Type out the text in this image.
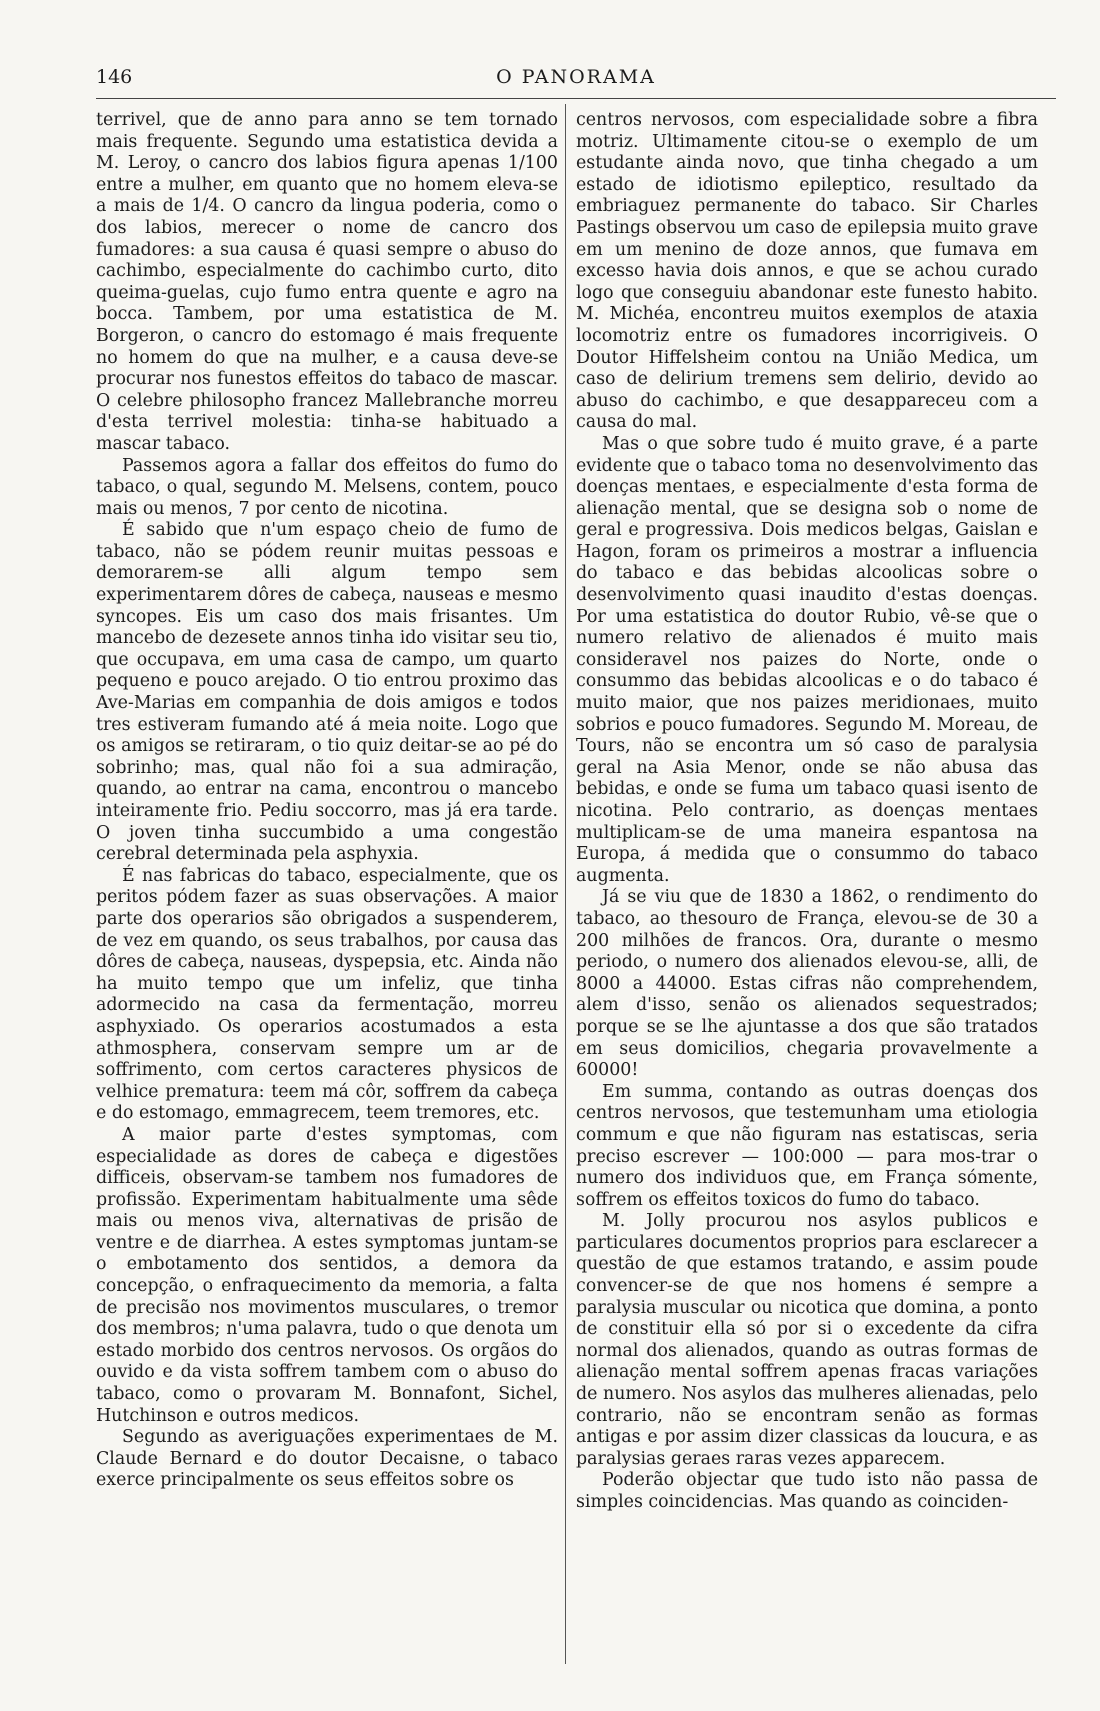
146	O PANORAMA

terrivel, que de anno para anno se tem tornado mais frequente. Segundo uma estatistica devida a M. Leroy, o cancro dos labios figura apenas 1/100 entre a mulher, em quanto que no homem eleva-se a mais de 1/4. O cancro da lingua poderia, como o dos labios, merecer o nome de cancro dos fumadores: a sua causa é quasi sempre o abuso do cachimbo, especialmente do cachimbo curto, dito queima-guelas, cujo fumo entra quente e agro na bocca. Tambem, por uma estatistica de M. Borgeron, o cancro do estomago é mais frequente no homem do que na mulher, e a causa deve-se procurar nos funestos effeitos do tabaco de mascar. O celebre philosopho francez Mallebranche morreu d'esta terrivel molestia: tinha-se habituado a mascar tabaco.

Passemos agora a fallar dos effeitos do fumo do tabaco, o qual, segundo M. Melsens, contem, pouco mais ou menos, 7 por cento de nicotina.

É sabido que n'um espaço cheio de fumo de tabaco, não se pódem reunir muitas pessoas e demorarem-se alli algum tempo sem experimentarem dôres de cabeça, nauseas e mesmo syncopes. Eis um caso dos mais frisantes. Um mancebo de dezesete annos tinha ido visitar seu tio, que occupava, em uma casa de campo, um quarto pequeno e pouco arejado. O tio entrou proximo das Ave-Marias em companhia de dois amigos e todos tres estiveram fumando até á meia noite. Logo que os amigos se retiraram, o tio quiz deitar-se ao pé do sobrinho; mas, qual não foi a sua admiração, quando, ao entrar na cama, encontrou o mancebo inteiramente frio. Pediu soccorro, mas já era tarde. O joven tinha succumbido a uma congestão cerebral determinada pela asphyxia.

É nas fabricas do tabaco, especialmente, que os peritos pódem fazer as suas observações. A maior parte dos operarios são obrigados a suspenderem, de vez em quando, os seus trabalhos, por causa das dôres de cabeça, nauseas, dyspepsia, etc. Ainda não ha muito tempo que um infeliz, que tinha adormecido na casa da fermentação, morreu asphyxiado. Os operarios acostumados a esta athmosphera, conservam sempre um ar de soffrimento, com certos caracteres physicos de velhice prematura: teem má côr, soffrem da cabeça e do estomago, emmagrecem, teem tremores, etc.

A maior parte d'estes symptomas, com especialidade as dores de cabeça e digestões difficeis, observam-se tambem nos fumadores de profissão. Experimentam habitualmente uma sêde mais ou menos viva, alternativas de prisão de ventre e de diarrhea. A estes symptomas juntam-se o embotamento dos sentidos, a demora da concepção, o enfraquecimento da memoria, a falta de precisão nos movimentos musculares, o tremor dos membros; n'uma palavra, tudo o que denota um estado morbido dos centros nervosos. Os orgãos do ouvido e da vista soffrem tambem com o abuso do tabaco, como o provaram M. Bonnafont, Sichel, Hutchinson e outros medicos.

Segundo as averiguações experimentaes de M. Claude Bernard e do doutor Decaisne, o tabaco exerce principalmente os seus effeitos sobre os

centros nervosos, com especialidade sobre a fibra motriz. Ultimamente citou-se o exemplo de um estudante ainda novo, que tinha chegado a um estado de idiotismo epileptico, resultado da embriaguez permanente do tabaco. Sir Charles Pastings observou um caso de epilepsia muito grave em um menino de doze annos, que fumava em excesso havia dois annos, e que se achou curado logo que conseguiu abandonar este funesto habito. M. Michéa, encontreu muitos exemplos de ataxia locomotriz entre os fumadores incorrigiveis. O Doutor Hiffelsheim contou na União Medica, um caso de delirium tremens sem delirio, devido ao abuso do cachimbo, e que desappareceu com a causa do mal.

Mas o que sobre tudo é muito grave, é a parte evidente que o tabaco toma no desenvolvimento das doenças mentaes, e especialmente d'esta forma de alienação mental, que se designa sob o nome de geral e progressiva. Dois medicos belgas, Gaislan e Hagon, foram os primeiros a mostrar a influencia do tabaco e das bebidas alcoolicas sobre o desenvolvimento quasi inaudito d'estas doenças. Por uma estatistica do doutor Rubio, vê-se que o numero relativo de alienados é muito mais consideravel nos paizes do Norte, onde o consummo das bebidas alcoolicas e o do tabaco é muito maior, que nos paizes meridionaes, muito sobrios e pouco fumadores. Segundo M. Moreau, de Tours, não se encontra um só caso de paralysia geral na Asia Menor, onde se não abusa das bebidas, e onde se fuma um tabaco quasi isento de nicotina. Pelo contrario, as doenças mentaes multiplicam-se de uma maneira espantosa na Europa, á medida que o consummo do tabaco augmenta.

Já se viu que de 1830 a 1862, o rendimento do tabaco, ao thesouro de França, elevou-se de 30 a 200 milhões de francos. Ora, durante o mesmo periodo, o numero dos alienados elevou-se, alli, de 8000 a 44000. Estas cifras não comprehendem, alem d'isso, senão os alienados sequestrados; porque se se lhe ajuntasse a dos que são tratados em seus domicilios, chegaria provavelmente a 60000!

Em summa, contando as outras doenças dos centros nervosos, que testemunham uma etiologia commum e que não figuram nas estatiscas, seria preciso escrever — 100:000 — para mos-trar o numero dos individuos que, em França sómente, soffrem os effeitos toxicos do fumo do tabaco.

M. Jolly procurou nos asylos publicos e particulares documentos proprios para esclarecer a questão de que estamos tratando, e assim poude convencer-se de que nos homens é sempre a paralysia muscular ou nicotica que domina, a ponto de constituir ella só por si o excedente da cifra normal dos alienados, quando as outras formas de alienação mental soffrem apenas fracas variações de numero. Nos asylos das mulheres alienadas, pelo contrario, não se encontram senão as formas antigas e por assim dizer classicas da loucura, e as paralysias geraes raras vezes apparecem.

Poderão objectar que tudo isto não passa de simples coincidencias. Mas quando as coinciden-
